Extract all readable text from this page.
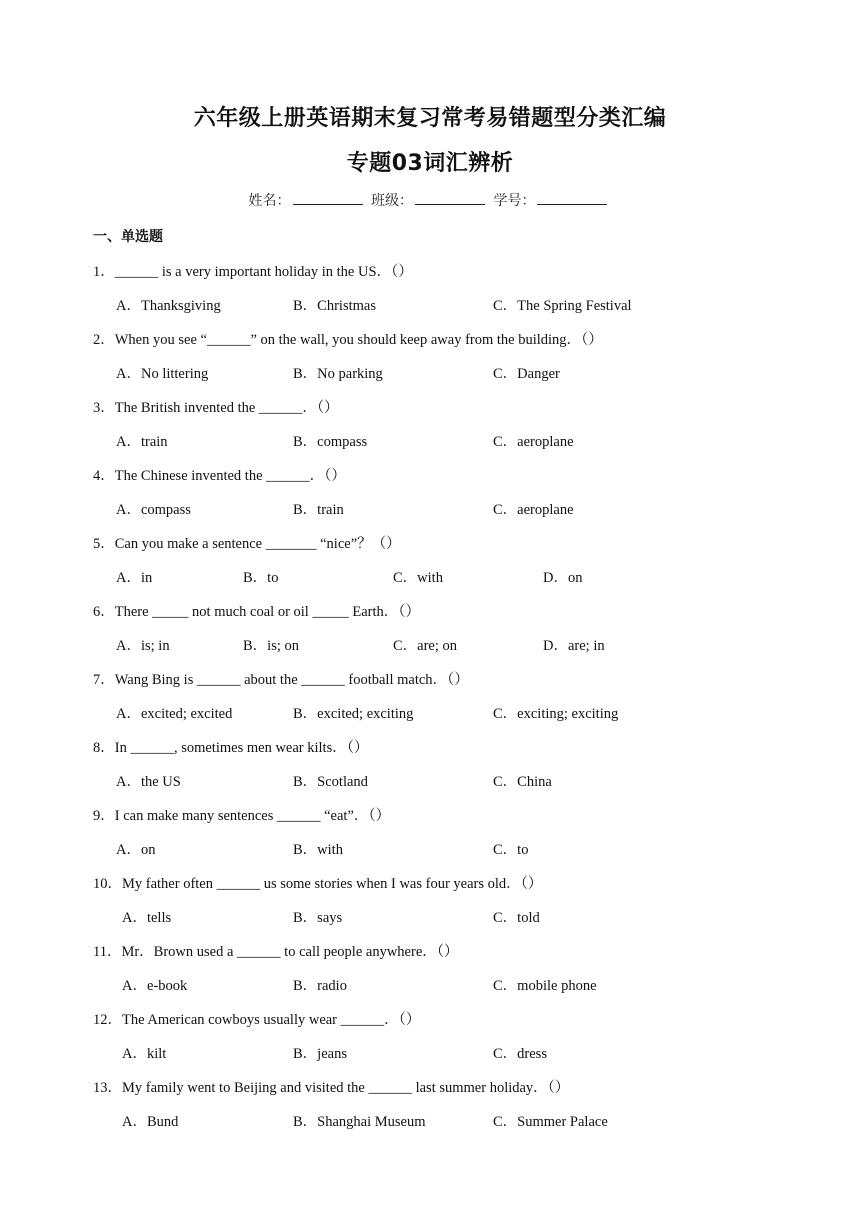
六年级上册英语期末复习常考易错题型分类汇编
专题03词汇辨析
姓名：	班级：	学号：
一、单选题
1．______ is a very important holiday in the US．（）
A．Thanksgiving	B．Christmas	C．The Spring Festival
2．When you see “______” on the wall, you should keep away from the building．（）
A．No littering	B．No parking	C．Danger
3．The British invented the ______．（）
A．train	B．compass	C．aeroplane
4．The Chinese invented the ______．（）
A．compass	B．train	C．aeroplane
5．Can you make a sentence _______ “nice”？（）
A．in	B．to	C．with	D．on
6．There _____ not much coal or oil _____ Earth．（）
A．is; in	B．is; on	C．are; on	D．are; in
7．Wang Bing is ______ about the ______ football match．（）
A．excited; excited	B．excited; exciting	C．exciting; exciting
8．In ______, sometimes men wear kilts．（）
A．the US	B．Scotland	C．China
9．I can make many sentences ______ “eat”．（）
A．on	B．with	C．to
10．My father often ______ us some stories when I was four years old．（）
A．tells	B．says	C．told
11．Mr．Brown used a ______ to call people anywhere．（）
A．e-book	B．radio	C．mobile phone
12．The American cowboys usually wear ______．（）
A．kilt	B．jeans	C．dress
13．My family went to Beijing and visited the ______ last summer holiday．（）
A．Bund	B．Shanghai Museum	C．Summer Palace
